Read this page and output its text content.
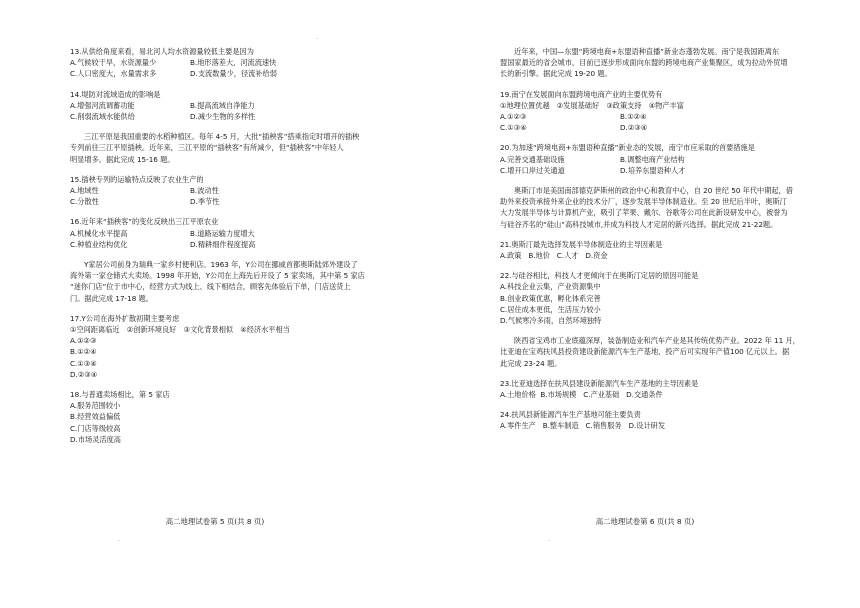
·

13.从供给角度来看，易北河人均水资源量较低主要是因为

A.气候较干旱，水资源量少	B.地形落差大，河流流速快
C.人口密度大，水量需求多	D.支流数量少，径流补给弱

14.堤防对流域造成的影响是

A.增强河流调蓄功能	B.提高流域自净能力
C.削弱流域水能供给	D.减少生物的多样性
三江平原是我国重要的水稻种植区。每年 4-5 月，大批“插秧客”搭乘指定时增开的插秧
专列前往三江平原插秧。近年来，三江平原的“插秧客”有所减少，但“插秧客”中年轻人
明显增多。据此完成 15-16 题。

15.插秧专列的运输特点反映了农业生产的

A.地域性	B.波动性
C.分散性	D.季节性

16.近年来“插秧客”的变化反映出三江平原农业

A.机械化水平提高	B.道路运输力度增大
C.种植业结构优化	D.精耕细作程度提高
Y家居公司前身为瑞典一家乡村便利店。1963 年，Y公司在挪威首都奥斯陆郊外建设了
海外第一家仓储式大卖场。1998 年开始，Y公司在上海先后开设了 5 家卖场，其中第 5 家店
“迷你门店”位于市中心，经营方式为线上、线下相结合，顾客先体验后下单，门店送货上
门。据此完成 17-18 题。

17.Y公司在海外扩散初期主要考虑

①空间距离临近　②创新环境良好　③文化背景相似　④经济水平相当

A.①②③
B.①②④
C.①③④
D.②③④

18.与普通卖场相比，第 5 家店

A.服务范围较小
B.经营效益偏低
C.门店等级较高
D.市场灵活度高
高二地理试卷第 5 页(共 8 页)
·
近年来，中国—东盟“跨境电商+东盟语种直播”新业态蓬勃发展。南宁是我国距离东
盟国家最近的省会城市，目前已逐步形成面向东盟的跨境电商产业集聚区，成为拉动外贸增
长的新引擎。据此完成 19-20 题。

19.南宁在发展面向东盟跨境电商产业的主要优势有

①地理位置优越　②发展基础好　③政策支持　④物产丰富

A.①②③	B.①②④
C.①③④	D.②③④

20.为加速“跨境电商+东盟语种直播”新业态的发展，南宁市应采取的首要措施是

A.完善交通基础设施	B.调整电商产业结构
C.增开口岸过关通道	D.培养东盟语种人才
奥斯汀市是美国南部德克萨斯州的政治中心和教育中心，自 20 世纪 50 年代中期起，借
助外来投资承接外来企业的技术分厂，逐步发展半导体制造业。至 20 世纪后半叶，奥斯汀
大力发展半导体与计算机产业，吸引了苹果、戴尔、谷歌等公司在此新设研发中心，被誉为
与硅谷齐名的“硅山”高科技城市,并成为科技人才定居的新兴选择。据此完成 21-22题。

21.奥斯汀最先选择发展半导体制造业的主导因素是

A.政策 B.地价 C.人才 D.资金

22.与硅谷相比，科技人才更倾向于在奥斯汀定居的原因可能是

A.科技企业云集，产业资源集中
B.创业政策优惠，孵化体系完善
C.居住成本更低，生活压力较小
D.气候寒冷多雨，自然环境独特
陕西省宝鸡市工业底蕴深厚，装备制造业和汽车产业是其传统优势产业。2022 年 11 月，
比亚迪在宝鸡扶风县投资建设新能源汽车生产基地，投产后可实现年产值100 亿元以上。据
此完成 23-24 题。

23.比亚迪选择在扶风县建设新能源汽车生产基地的主导因素是

A.土地价格 B.市场规模 C.产业基础 D.交通条件

24.扶风县新能源汽车生产基地可能主要负责

A.零件生产 B.整车制造 C.销售服务 D.设计研发
高二地理试卷第 6 页(共 8 页)
·
